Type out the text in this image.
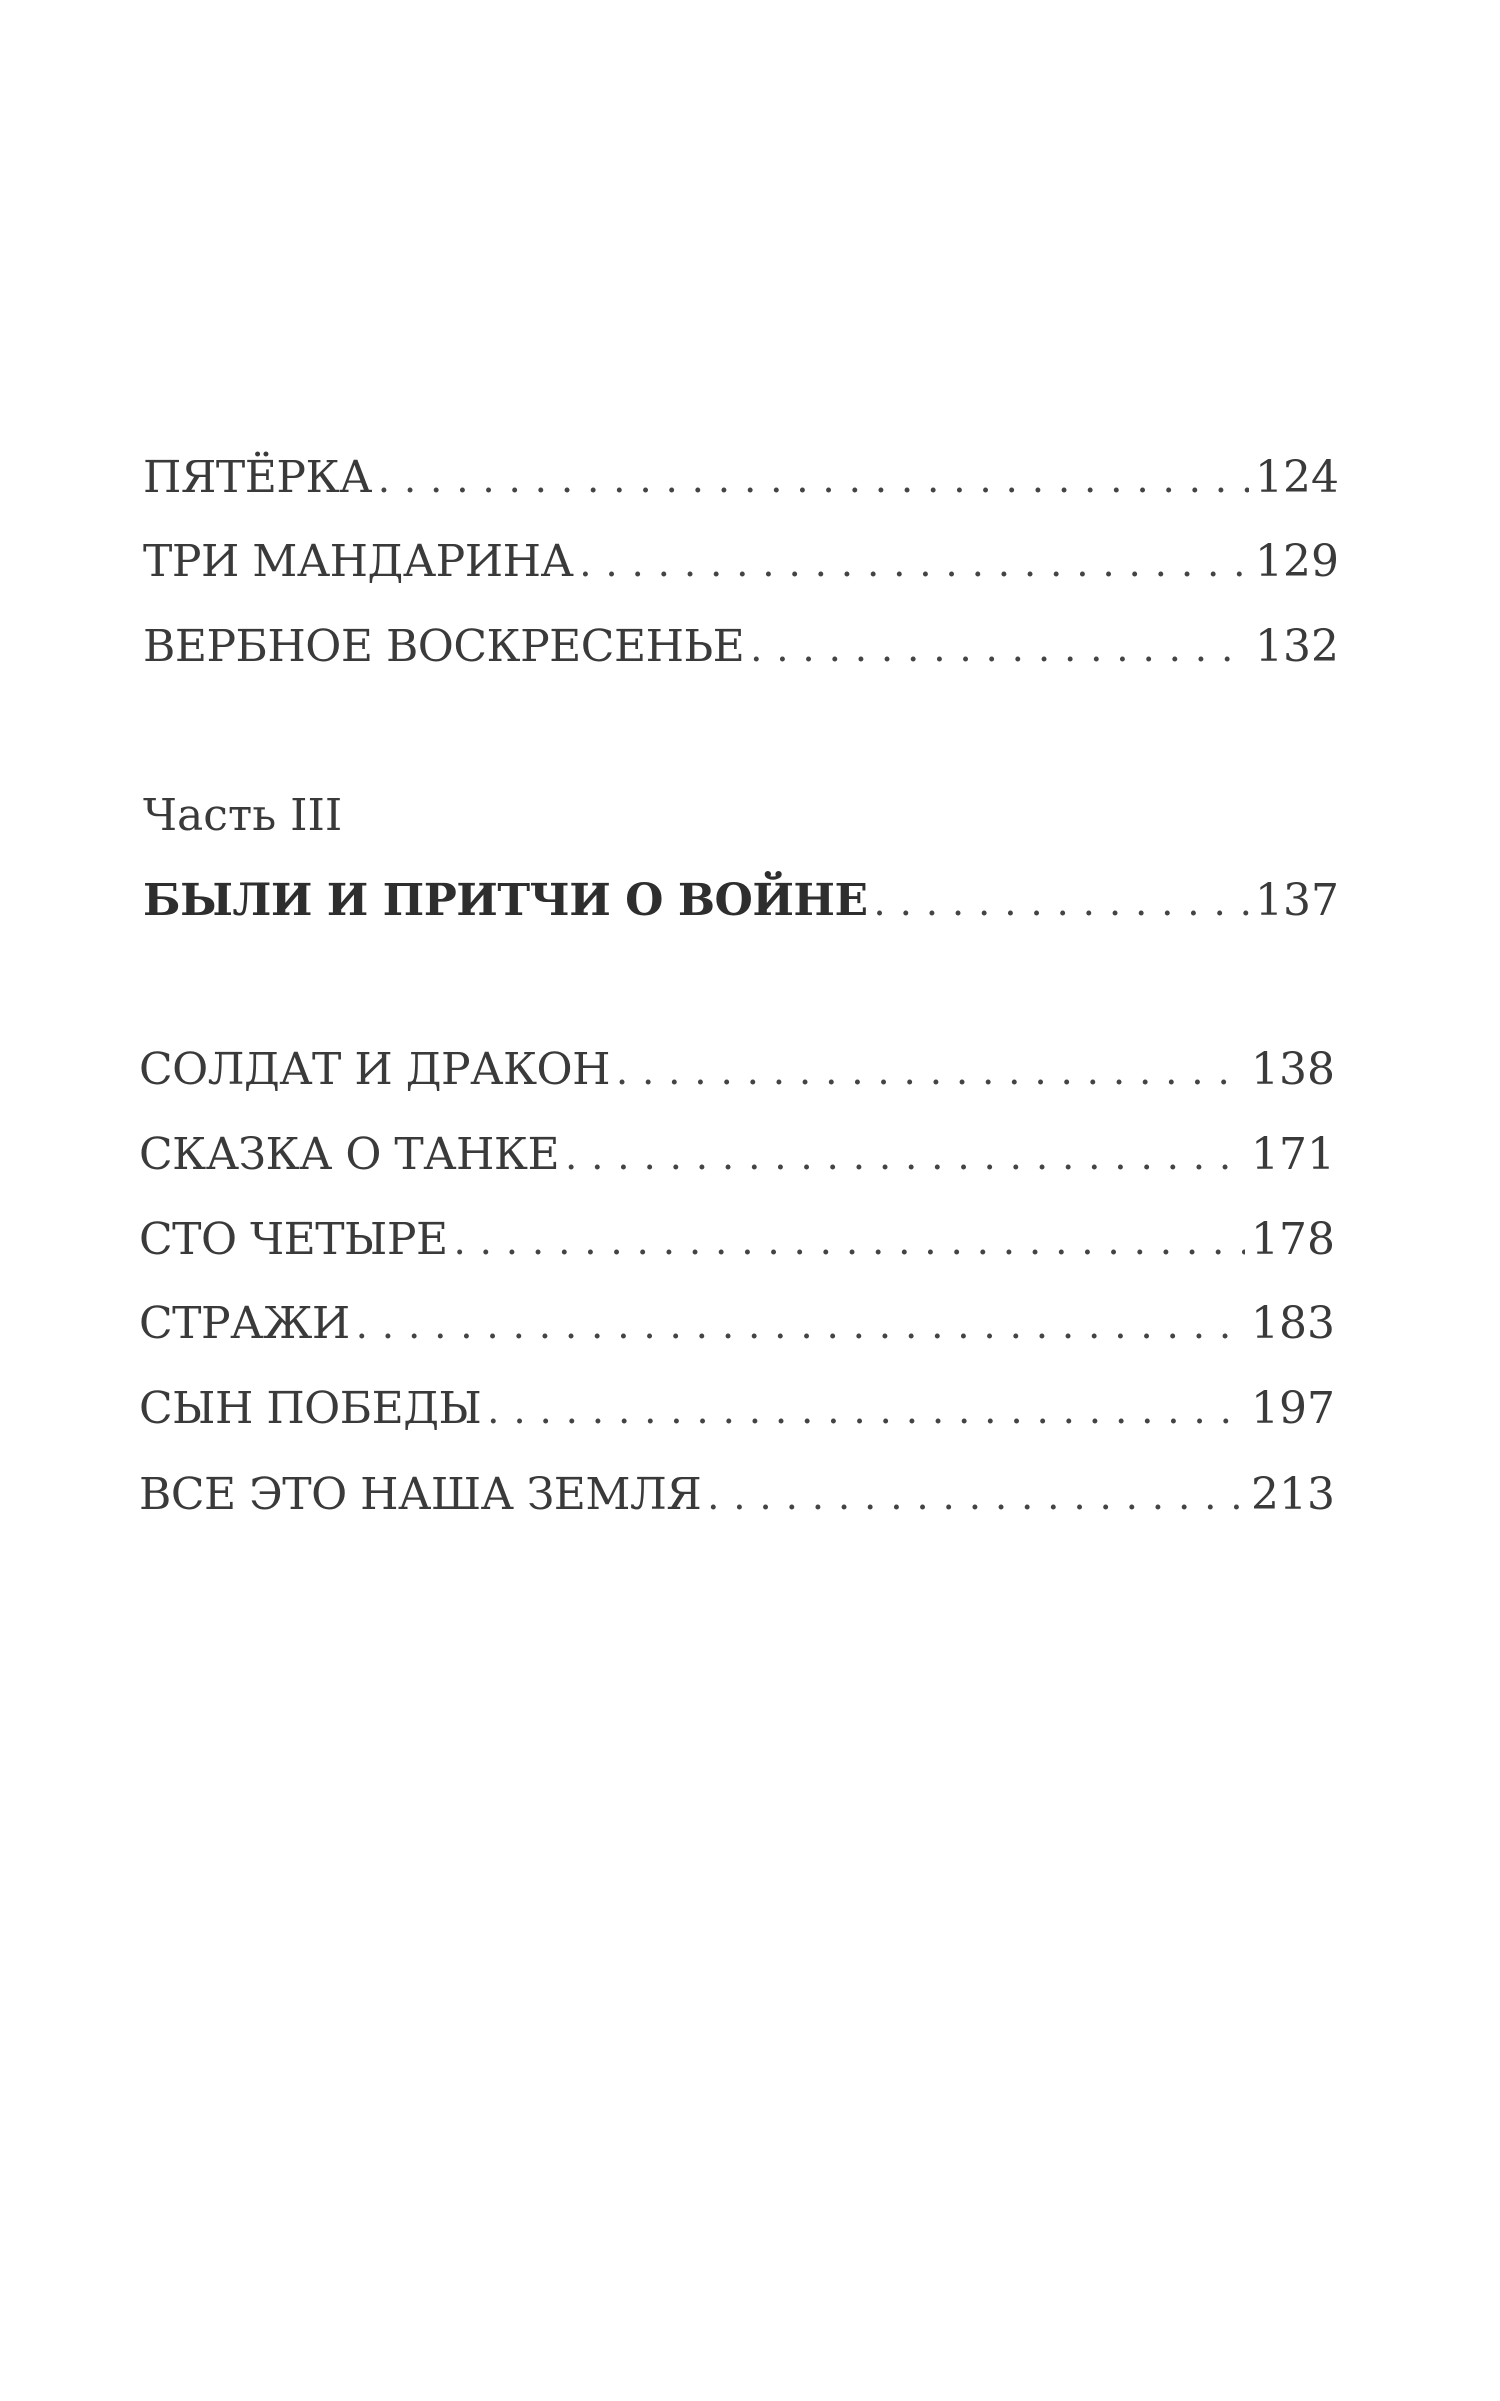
ПЯТЁРКА . . .	124
ТРИ МАНДАРИНА . . .	129
ВЕРБНОЕ ВОСКРЕСЕНЬЕ . . .	132
Часть III
БЫЛИ И ПРИТЧИ О ВОЙНЕ . . .	137
СОЛДАТ И ДРАКОН . . .	138
СКАЗКА О ТАНКЕ . . .	171
СТО ЧЕТЫРЕ . . .	178
СТРАЖИ . . .	183
СЫН ПОБЕДЫ . . .	197
ВСЕ ЭТО НАША ЗЕМЛЯ . . .	213
